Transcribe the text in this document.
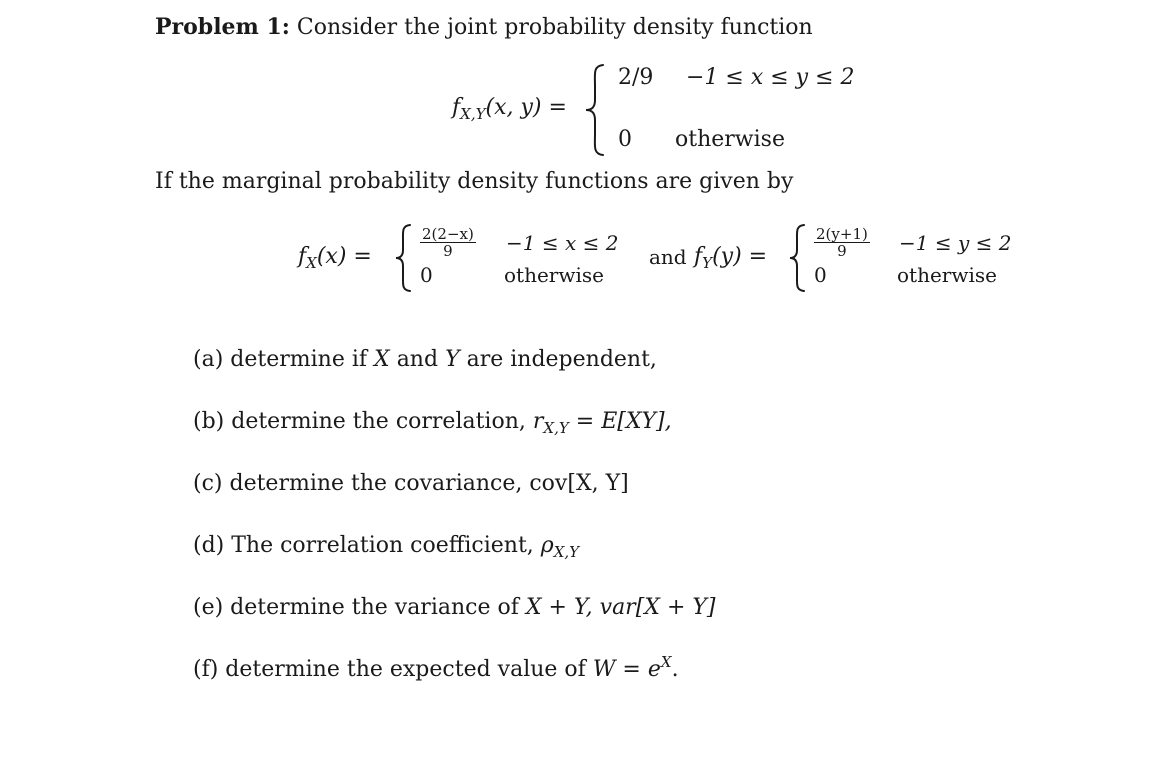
Problem 1: Consider the joint probability density function
$f_{X,Y}(x$, y) =
2/9 −1 ≤ x ≤ y ≤ 2
0 otherwise
If the marginal probability density functions are given by
$f_X(x)$ =	$\frac{2(2-x)}{9} -1 \le x \le 2$
0	otherwise
and $f_Y(y)$ =	$\frac{2(y+1)}{9} -1 \le y \le 2$
0	otherwise
(a) determine if X and Y are independent,
(b) determine the correlation, $r_{X,Y} = E[XY]$,
(c) determine the covariance, cov[X, Y]
(d) The correlation coefficient, $\rho_{X,Y}$
(e) determine the variance of X + Y, var[X + Y]
(f) determine the expected value of $W = e^X$.
